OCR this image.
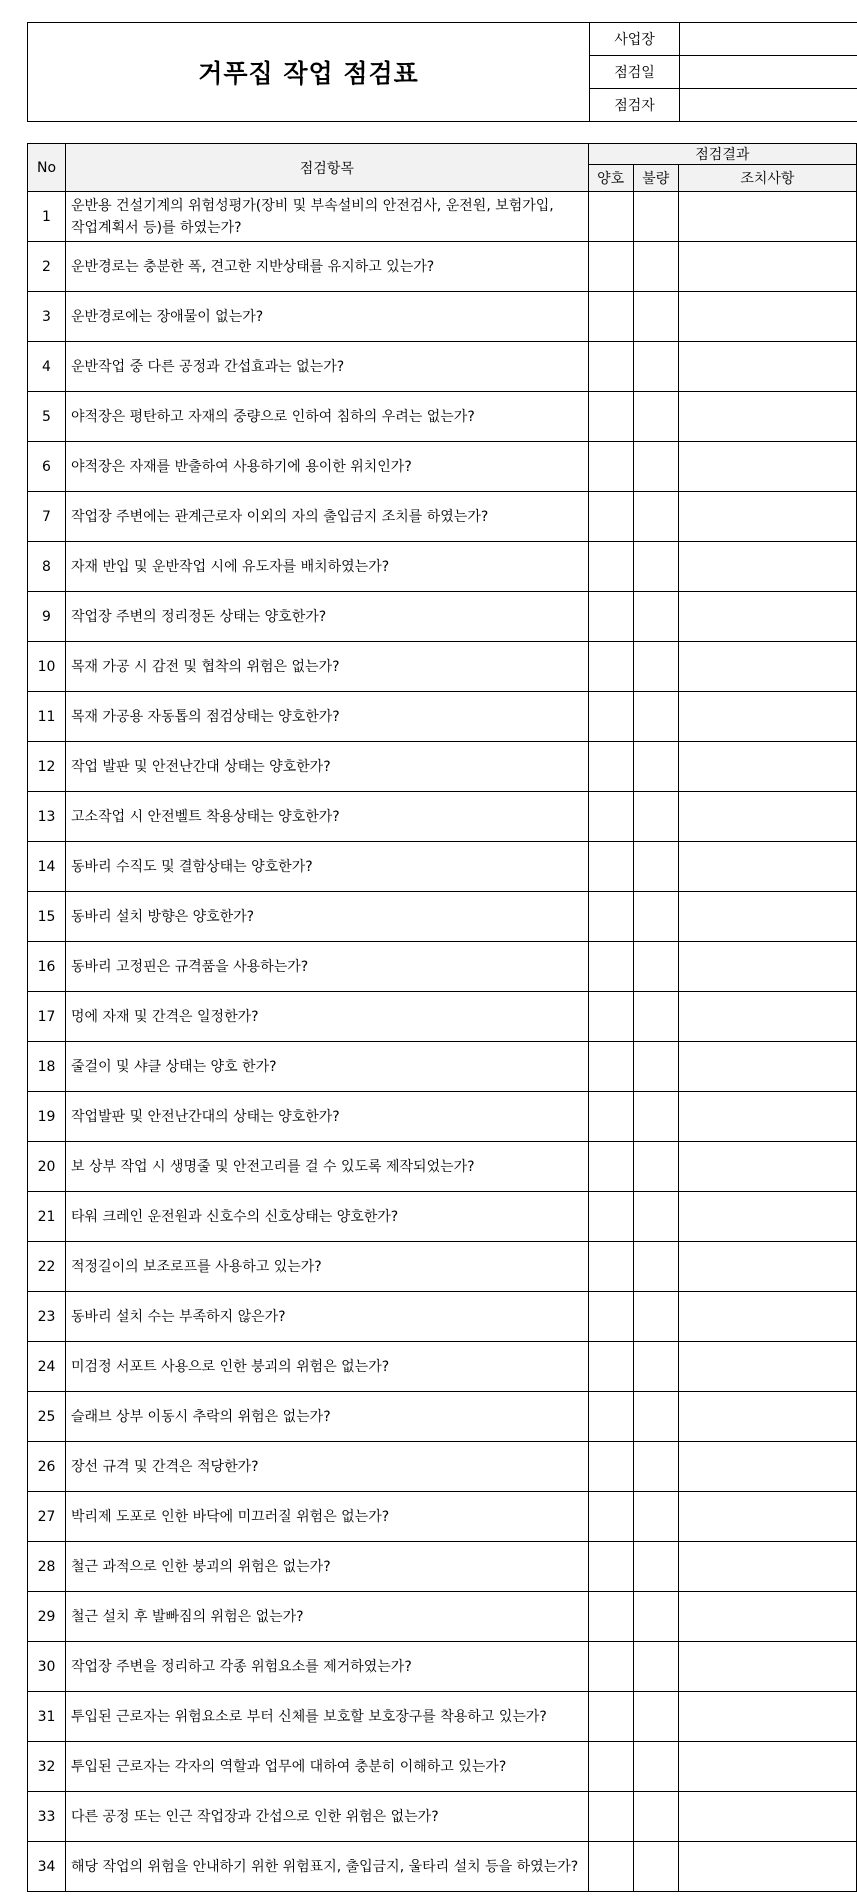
거푸집 작업 점검표	사업장	
	점검일	
	점검자	
No	점검항목	점검결과		
		양호	불량	조치사항
1	운반용 건설기계의 위험성평가(장비 및 부속설비의 안전검사, 운전원, 보험가입, 작업계획서 등)를 하였는가?			
2	운반경로는 충분한 폭, 견고한 지반상태를 유지하고 있는가?			
3	운반경로에는 장애물이 없는가?			
4	운반작업 중 다른 공정과 간섭효과는 없는가?			
5	야적장은 평탄하고 자재의 중량으로 인하여 침하의 우려는 없는가?			
6	야적장은 자재를 반출하여 사용하기에 용이한 위치인가?			
7	작업장 주변에는 관계근로자 이외의 자의 출입금지 조치를 하였는가?			
8	자재 반입 및 운반작업 시에 유도자를 배치하였는가?			
9	작업장 주변의 정리정돈 상태는 양호한가?			
10	목재 가공 시 감전 및 협착의 위험은 없는가?			
11	목재 가공용 자동톱의 점검상태는 양호한가?			
12	작업 발판 및 안전난간대 상태는 양호한가?			
13	고소작업 시 안전벨트 착용상태는 양호한가?			
14	동바리 수직도 및 결함상태는 양호한가?			
15	동바리 설치 방향은 양호한가?			
16	동바리 고정핀은 규격품을 사용하는가?			
17	멍에 자재 및 간격은 일정한가?			
18	줄걸이 및 샤클 상태는 양호 한가?			
19	작업발판 및 안전난간대의 상태는 양호한가?			
20	보 상부 작업 시 생명줄 및 안전고리를 걸 수 있도록 제작되었는가?			
21	타워 크레인 운전원과 신호수의 신호상태는 양호한가?			
22	적정길이의 보조로프를 사용하고 있는가?			
23	동바리 설치 수는 부족하지 않은가?			
24	미검정 서포트 사용으로 인한 붕괴의 위험은 없는가?			
25	슬래브 상부 이동시 추락의 위험은 없는가?			
26	장선 규격 및 간격은 적당한가?			
27	박리제 도포로 인한 바닥에 미끄러질 위험은 없는가?			
28	철근 과적으로 인한 붕괴의 위험은 없는가?			
29	철근 설치 후 발빠짐의 위험은 없는가?			
30	작업장 주변을 정리하고 각종 위험요소를 제거하였는가?			
31	투입된 근로자는 위험요소로 부터 신체를 보호할 보호장구를 착용하고 있는가?			
32	투입된 근로자는 각자의 역할과 업무에 대하여 충분히 이해하고 있는가?			
33	다른 공정 또는 인근 작업장과 간섭으로 인한 위험은 없는가?			
34	해당 작업의 위험을 안내하기 위한 위험표지, 출입금지, 울타리 설치 등을 하였는가?			
